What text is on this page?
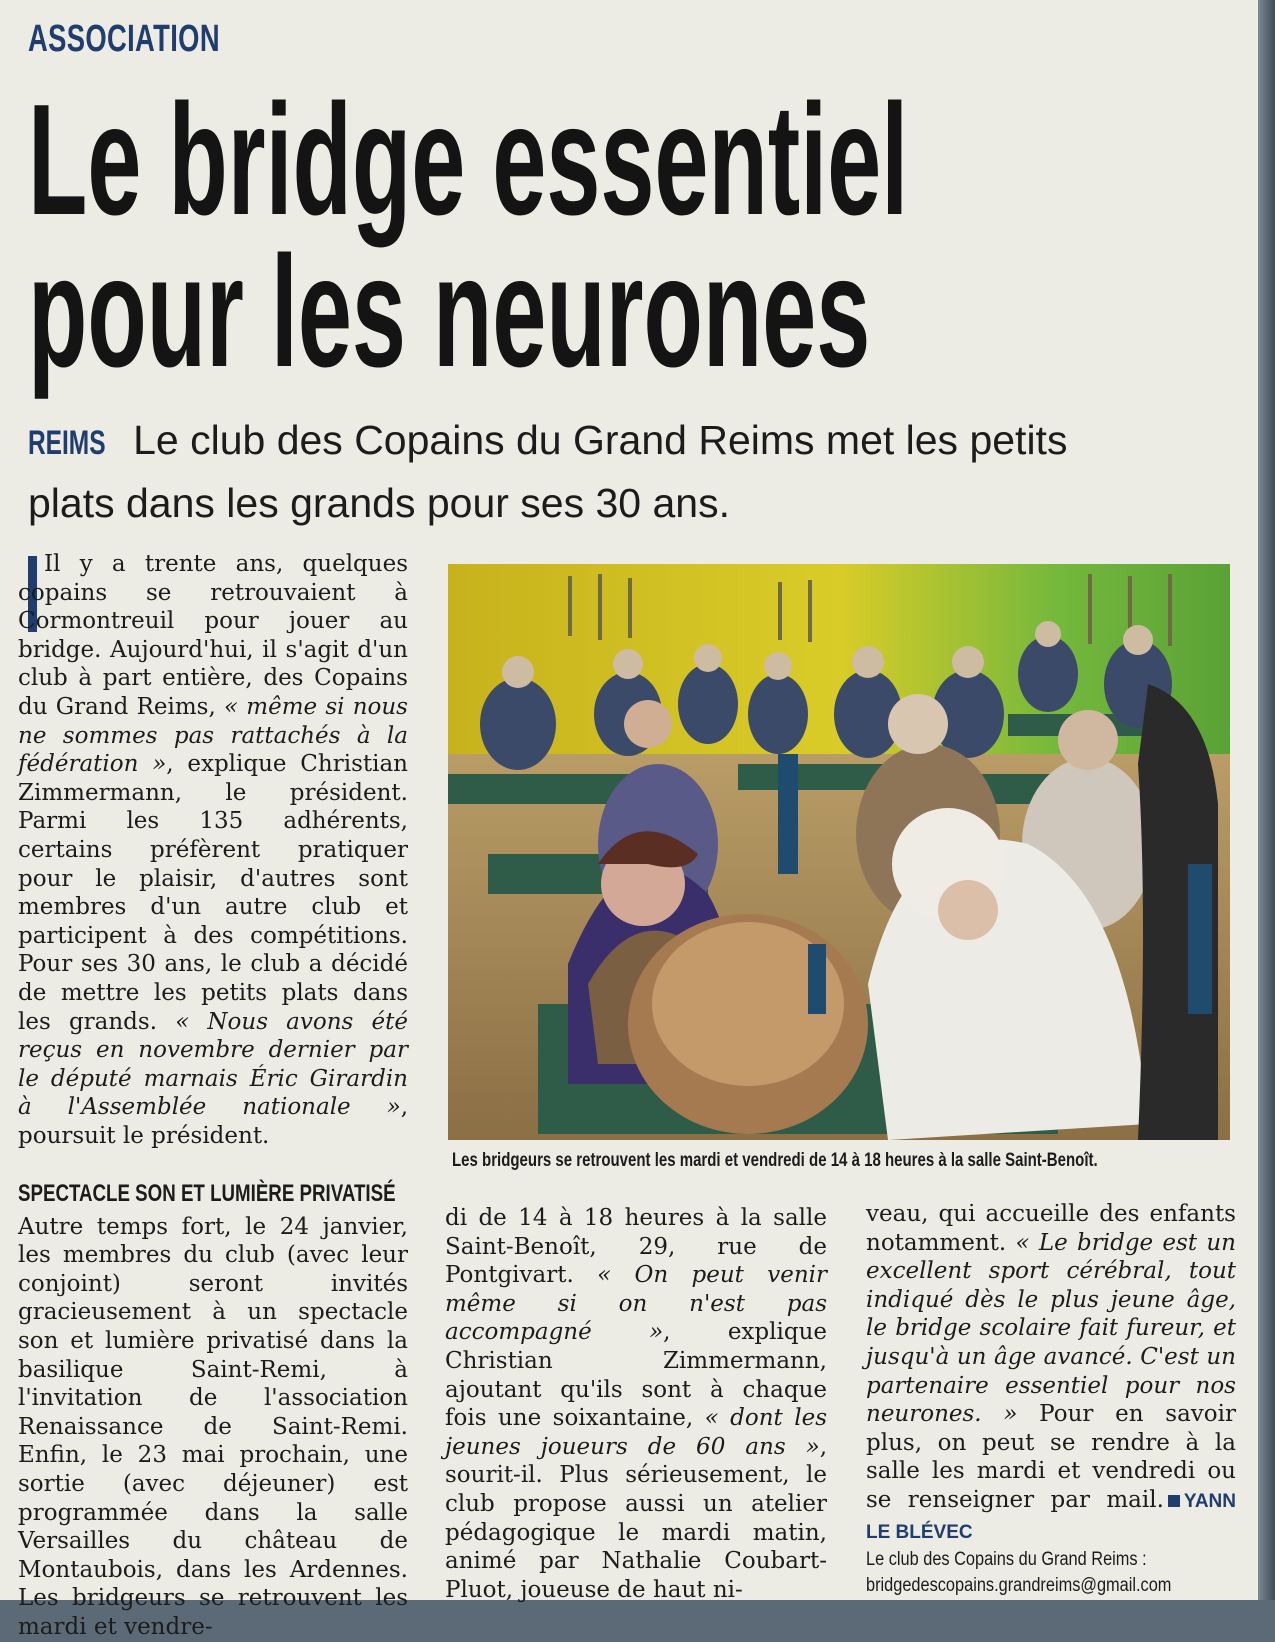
ASSOCIATION
Le bridge essentiel
pour les neurones
REIMS Le club des Copains du Grand Reims met les petits plats dans les grands pour ses 30 ans.

Il y a trente ans, quelques copains se retrouvaient à Cormontreuil pour jouer au bridge. Aujourd'hui, il s'agit d'un club à part entière, des Copains du Grand Reims, « même si nous ne sommes pas rattachés à la fédération », explique Christian Zimmermann, le président. Parmi les 135 adhérents, certains préfèrent pratiquer pour le plaisir, d'autres sont membres d'un autre club et participent à des compétitions. Pour ses 30 ans, le club a décidé de mettre les petits plats dans les grands. « Nous avons été reçus en novembre dernier par le député marnais Éric Girardin à l'Assemblée nationale », poursuit le président.

Les bridgeurs se retrouvent les mardi et vendredi de 14 à 18 heures à la salle Saint-Benoît.
SPECTACLE SON ET LUMIÈRE PRIVATISÉ

Autre temps fort, le 24 janvier, les membres du club (avec leur conjoint) seront invités gracieusement à un spectacle son et lumière privatisé dans la basilique Saint-Remi, à l'invitation de l'association Renaissance de Saint-Remi. Enfin, le 23 mai prochain, une sortie (avec déjeuner) est programmée dans la salle Versailles du château de Montaubois, dans les Ardennes. Les bridgeurs se retrouvent les mardi et vendre-

di de 14 à 18 heures à la salle Saint-Benoît, 29, rue de Pontgivart. « On peut venir même si on n'est pas accompagné », explique Christian Zimmermann, ajoutant qu'ils sont à chaque fois une soixantaine, « dont les jeunes joueurs de 60 ans », sourit-il. Plus sérieusement, le club propose aussi un atelier pédagogique le mardi matin, animé par Nathalie Coubart-Pluot, joueuse de haut ni-

veau, qui accueille des enfants notamment. « Le bridge est un excellent sport cérébral, tout indiqué dès le plus jeune âge, le bridge scolaire fait fureur, et jusqu'à un âge avancé. C'est un partenaire essentiel pour nos neurones. » Pour en savoir plus, on peut se rendre à la salle les mardi et vendredi ou se renseigner par mail. YANN LE BLÉVEC

Le club des Copains du Grand Reims :
bridgedescopains.grandreims@gmail.com
